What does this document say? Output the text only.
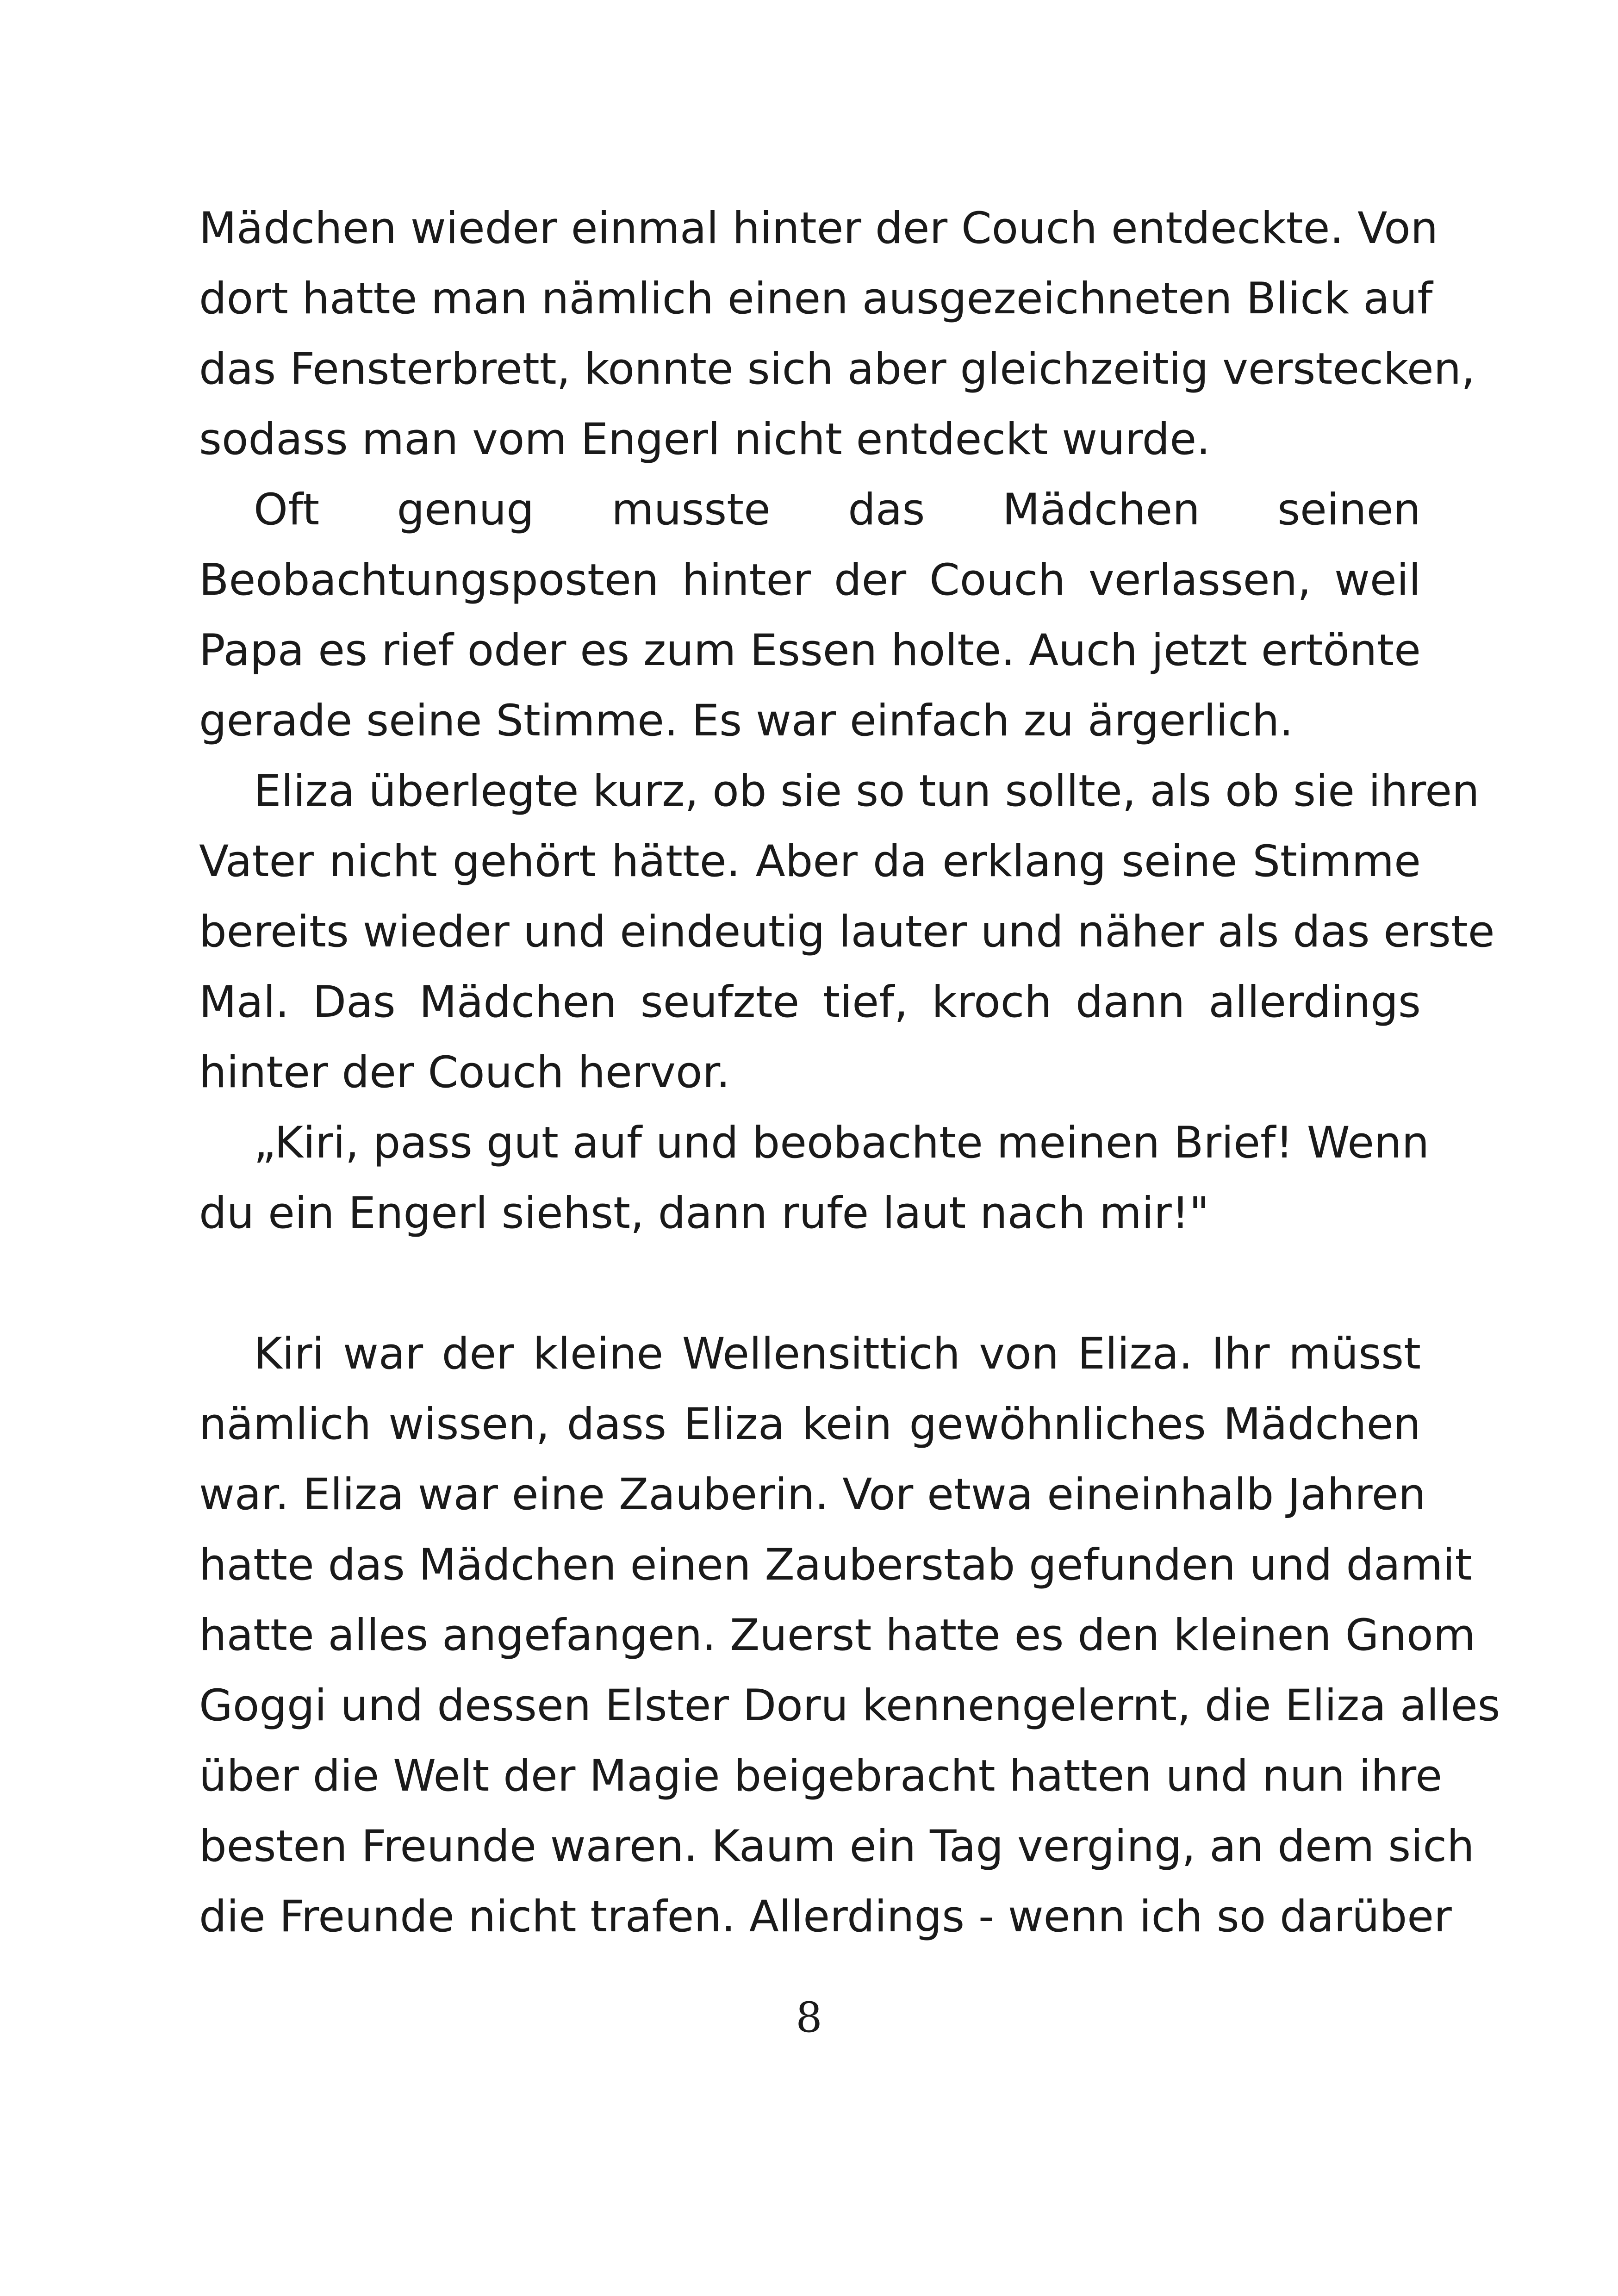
Mädchen wieder einmal hinter der Couch entdeckte. Von
dort hatte man nämlich einen ausgezeichneten Blick auf
das Fensterbrett, konnte sich aber gleichzeitig verstecken,
sodass man vom Engerl nicht entdeckt wurde.
Oft genug musste das Mädchen seinen
Beobachtungsposten hinter der Couch verlassen, weil
Papa es rief oder es zum Essen holte. Auch jetzt ertönte
gerade seine Stimme. Es war einfach zu ärgerlich.
Eliza überlegte kurz, ob sie so tun sollte, als ob sie ihren
Vater nicht gehört hätte. Aber da erklang seine Stimme
bereits wieder und eindeutig lauter und näher als das erste
Mal. Das Mädchen seufzte tief, kroch dann allerdings
hinter der Couch hervor.
„Kiri, pass gut auf und beobachte meinen Brief! Wenn
du ein Engerl siehst, dann rufe laut nach mir!"
Kiri war der kleine Wellensittich von Eliza. Ihr müsst
nämlich wissen, dass Eliza kein gewöhnliches Mädchen
war. Eliza war eine Zauberin. Vor etwa eineinhalb Jahren
hatte das Mädchen einen Zauberstab gefunden und damit
hatte alles angefangen. Zuerst hatte es den kleinen Gnom
Goggi und dessen Elster Doru kennengelernt, die Eliza alles
über die Welt der Magie beigebracht hatten und nun ihre
besten Freunde waren. Kaum ein Tag verging, an dem sich
die Freunde nicht trafen. Allerdings - wenn ich so darüber
8
